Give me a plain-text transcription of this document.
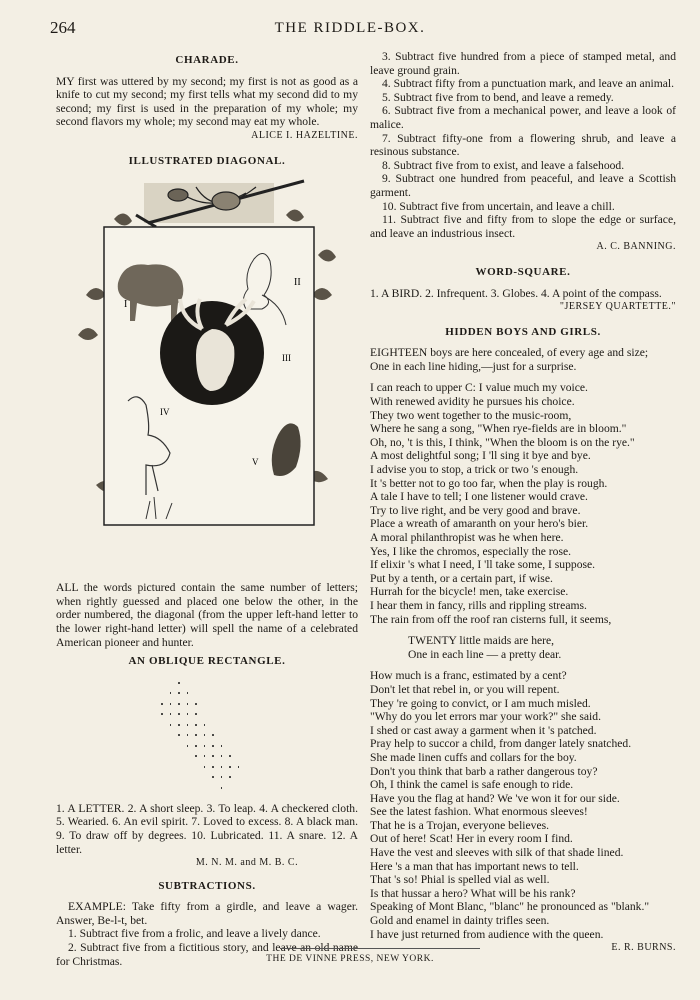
264	THE RIDDLE-BOX.
CHARADE.

MY first was uttered by my second; my first is not as good as a knife to cut my second; my first tells what my second did to my second; my first is used in the preparation of my whole; my second flavors my whole; my second may eat my whole.

ALICE I. HAZELTINE.
ILLUSTRATED DIAGONAL.
I
II
III
IV
V

ALL the words pictured contain the same number of letters; when rightly guessed and placed one below the other, in the order numbered, the diagonal (from the upper left-hand letter to the lower right-hand letter) will spell the name of a celebrated American pioneer and hunter.

AN OBLIQUE RECTANGLE.

1. A LETTER. 2. A short sleep. 3. To leap. 4. A checkered cloth. 5. Wearied. 6. An evil spirit. 7. Loved to excess. 8. A black man. 9. To draw off by degrees. 10. Lubricated. 11. A snare. 12. A letter.

M. N. M. and M. B. C.
SUBTRACTIONS.

EXAMPLE: Take fifty from a girdle, and leave a wager. Answer, Be-l-t, bet.

1. Subtract five from a frolic, and leave a lively dance.

2. Subtract five from a fictitious story, and leave an old name for Christmas.

3. Subtract five hundred from a piece of stamped metal, and leave ground grain.

4. Subtract fifty from a punctuation mark, and leave an animal.

5. Subtract five from to bend, and leave a remedy.

6. Subtract five from a mechanical power, and leave a look of malice.

7. Subtract fifty-one from a flowering shrub, and leave a resinous substance.

8. Subtract five from to exist, and leave a falsehood.

9. Subtract one hundred from peaceful, and leave a Scottish garment.

10. Subtract five from uncertain, and leave a chill.

11. Subtract five and fifty from to slope the edge or surface, and leave an industrious insect.

A. C. BANNING.
WORD-SQUARE.

1. A BIRD. 2. Infrequent. 3. Globes. 4. A point of the compass.

"JERSEY QUARTETTE."
HIDDEN BOYS AND GIRLS.

EIGHTEEN boys are here concealed, of every age and size;

One in each line hiding,—just for a surprise.

I can reach to upper C: I value much my voice.

With renewed avidity he pursues his choice.

They two went together to the music-room,

Where he sang a song, "When rye-fields are in bloom."

Oh, no, 't is this, I think, "When the bloom is on the rye."

A most delightful song; I 'll sing it bye and bye.

I advise you to stop, a trick or two 's enough.

It 's better not to go too far, when the play is rough.

A tale I have to tell; I one listener would crave.

Try to live right, and be very good and brave.

Place a wreath of amaranth on your hero's bier.

A moral philanthropist was he when here.

Yes, I like the chromos, especially the rose.

If elixir 's what I need, I 'll take some, I suppose.

Put by a tenth, or a certain part, if wise.

Hurrah for the bicycle! men, take exercise.

I hear them in fancy, rills and rippling streams.

The rain from off the roof ran cisterns full, it seems,

TWENTY little maids are here,
One in each line — a pretty dear.

How much is a franc, estimated by a cent?

Don't let that rebel in, or you will repent.

They 're going to convict, or I am much misled.

"Why do you let errors mar your work?" she said.

I shed or cast away a garment when it 's patched.

Pray help to succor a child, from danger lately snatched.

She made linen cuffs and collars for the boy.

Don't you think that barb a rather dangerous toy?

Oh, I think the camel is safe enough to ride.

Have you the flag at hand? We 've won it for our side.

See the latest fashion. What enormous sleeves!

That he is a Trojan, everyone believes.

Out of here! Scat! Her in every room I find.

Have the vest and sleeves with silk of that shade lined.

Here 's a man that has important news to tell.

That 's so! Phial is spelled vial as well.

Is that hussar a hero? What will be his rank?

Speaking of Mont Blanc, "blanc" he pronounced as "blank."

Gold and enamel in dainty trifles seen.

I have just returned from audience with the queen.

E. R. BURNS.
THE DE VINNE PRESS, NEW YORK.
